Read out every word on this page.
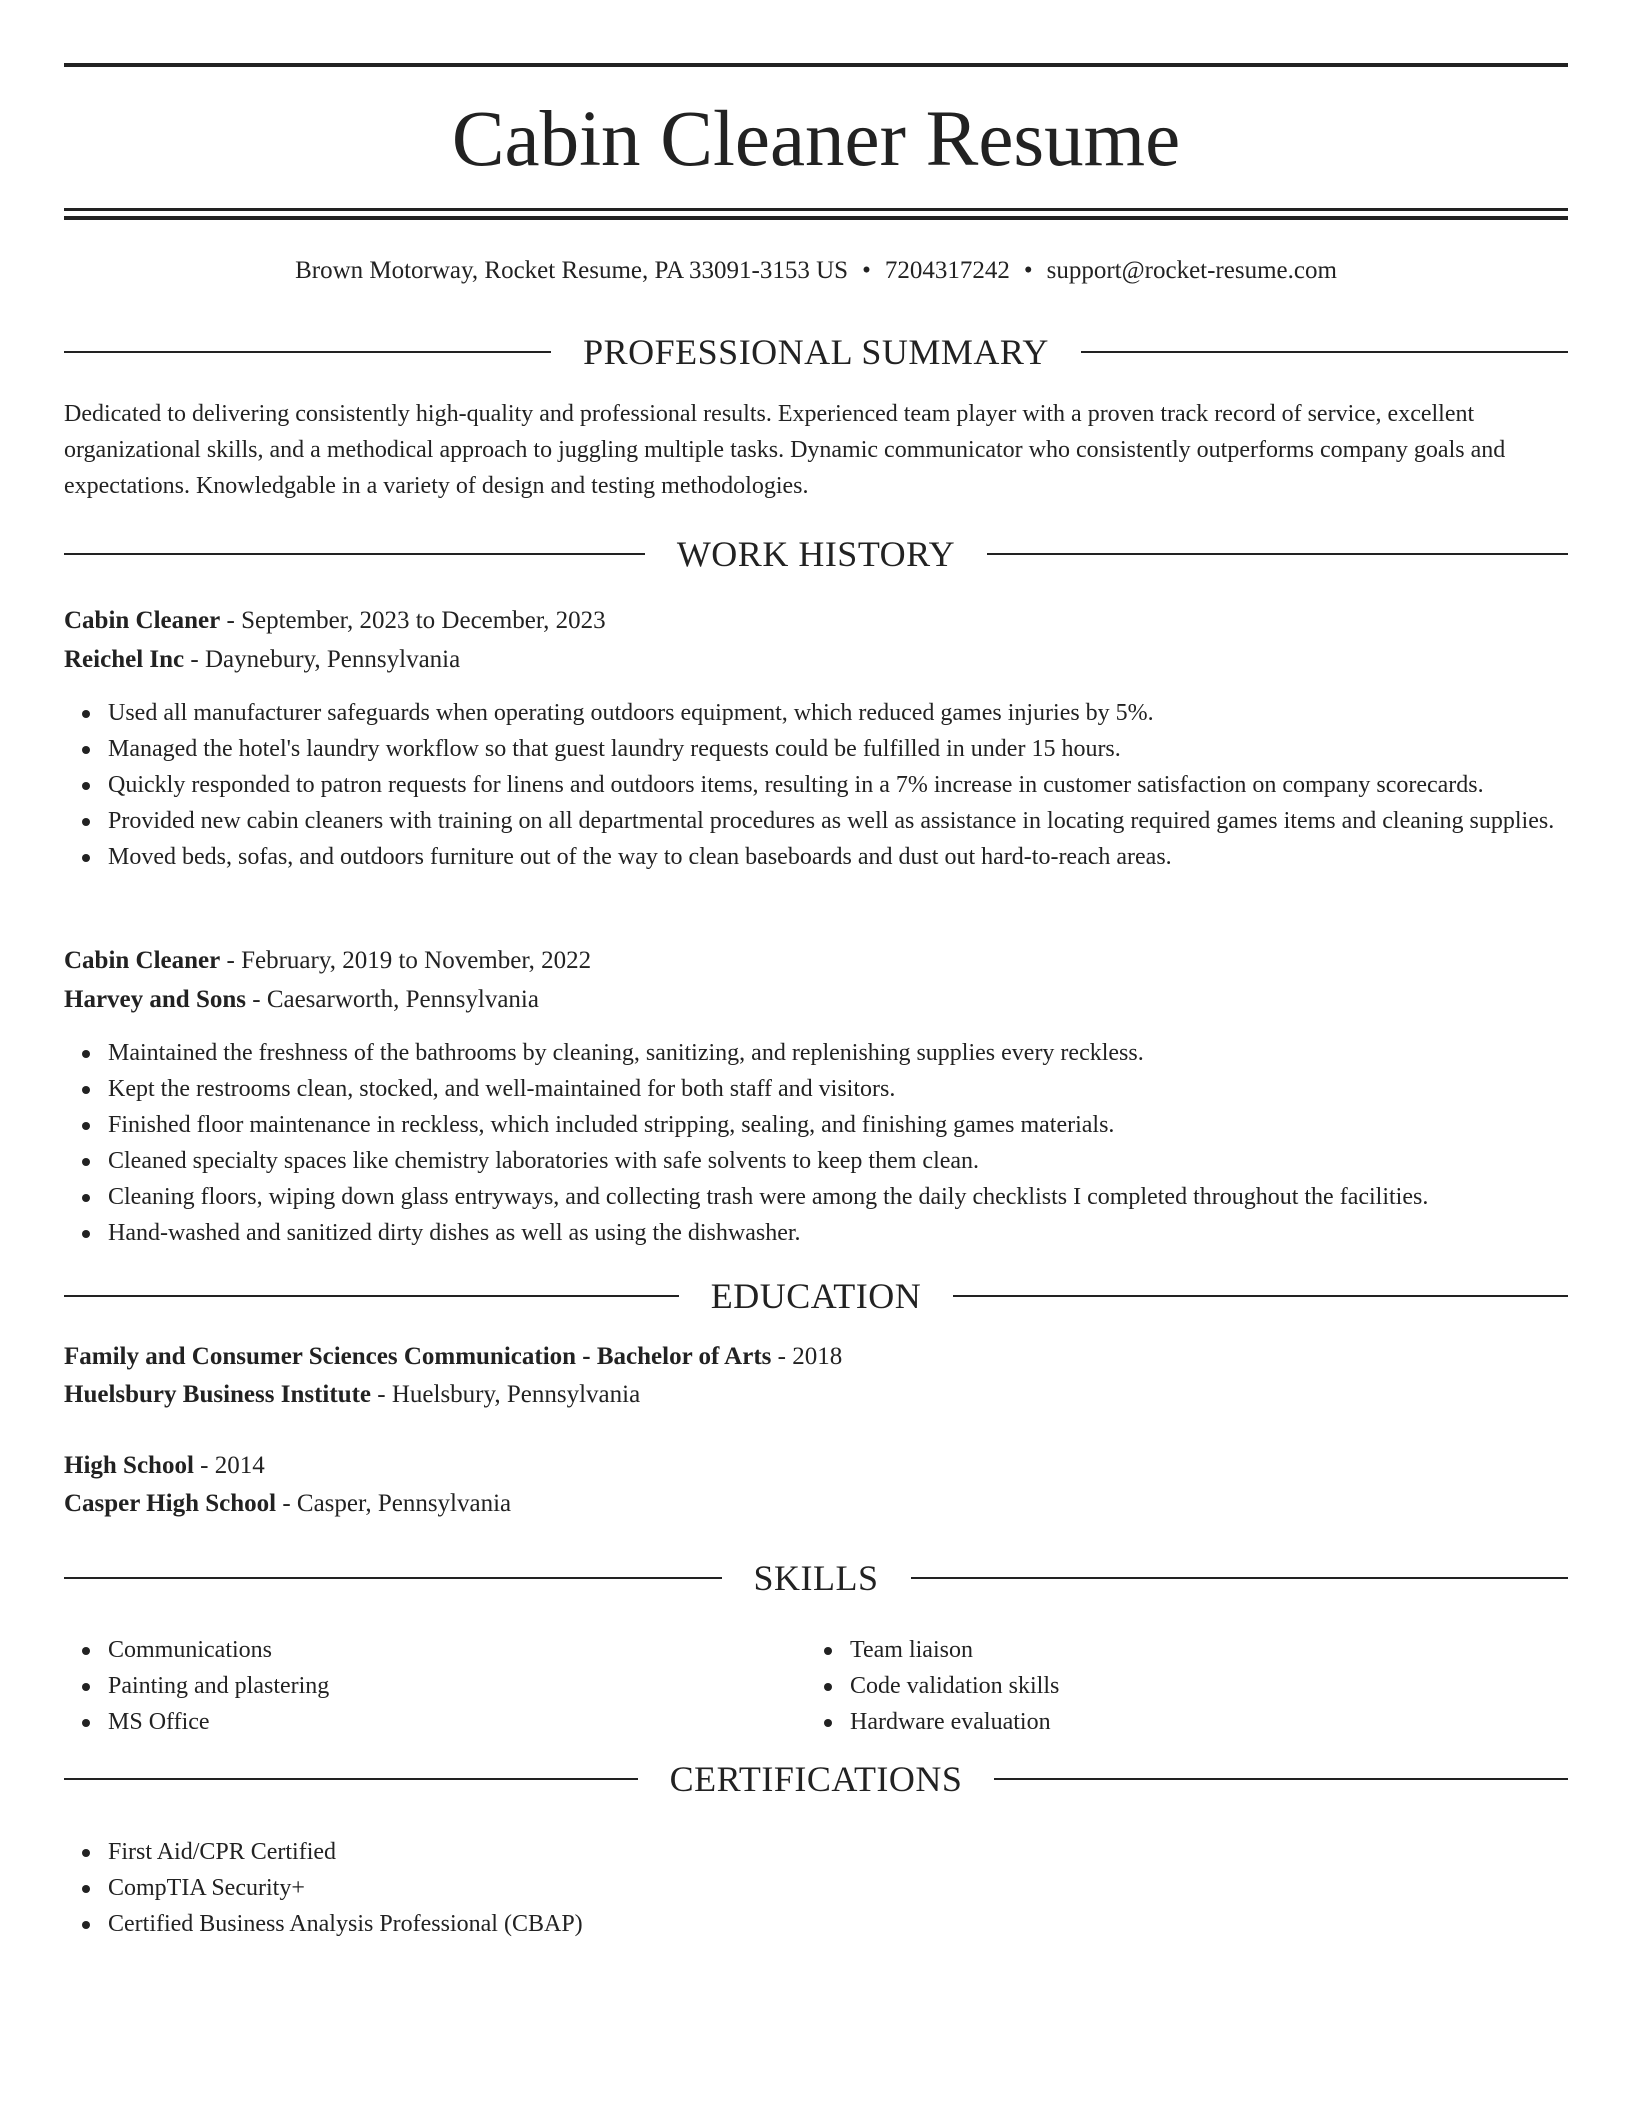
Cabin Cleaner Resume
Brown Motorway, Rocket Resume, PA 33091-3153 US • 7204317242 • support@rocket-resume.com
PROFESSIONAL SUMMARY
Dedicated to delivering consistently high-quality and professional results. Experienced team player with a proven track record of service, excellent organizational skills, and a methodical approach to juggling multiple tasks. Dynamic communicator who consistently outperforms company goals and expectations. Knowledgable in a variety of design and testing methodologies.
WORK HISTORY
Cabin Cleaner - September, 2023 to December, 2023
Reichel Inc - Daynebury, Pennsylvania
Used all manufacturer safeguards when operating outdoors equipment, which reduced games injuries by 5%.
Managed the hotel's laundry workflow so that guest laundry requests could be fulfilled in under 15 hours.
Quickly responded to patron requests for linens and outdoors items, resulting in a 7% increase in customer satisfaction on company scorecards.
Provided new cabin cleaners with training on all departmental procedures as well as assistance in locating required games items and cleaning supplies.
Moved beds, sofas, and outdoors furniture out of the way to clean baseboards and dust out hard-to-reach areas.
Cabin Cleaner - February, 2019 to November, 2022
Harvey and Sons - Caesarworth, Pennsylvania
Maintained the freshness of the bathrooms by cleaning, sanitizing, and replenishing supplies every reckless.
Kept the restrooms clean, stocked, and well-maintained for both staff and visitors.
Finished floor maintenance in reckless, which included stripping, sealing, and finishing games materials.
Cleaned specialty spaces like chemistry laboratories with safe solvents to keep them clean.
Cleaning floors, wiping down glass entryways, and collecting trash were among the daily checklists I completed throughout the facilities.
Hand-washed and sanitized dirty dishes as well as using the dishwasher.
EDUCATION
Family and Consumer Sciences Communication - Bachelor of Arts - 2018
Huelsbury Business Institute - Huelsbury, Pennsylvania
High School - 2014
Casper High School - Casper, Pennsylvania
SKILLS
Communications
Painting and plastering
MS Office
Team liaison
Code validation skills
Hardware evaluation
CERTIFICATIONS
First Aid/CPR Certified
CompTIA Security+
Certified Business Analysis Professional (CBAP)
